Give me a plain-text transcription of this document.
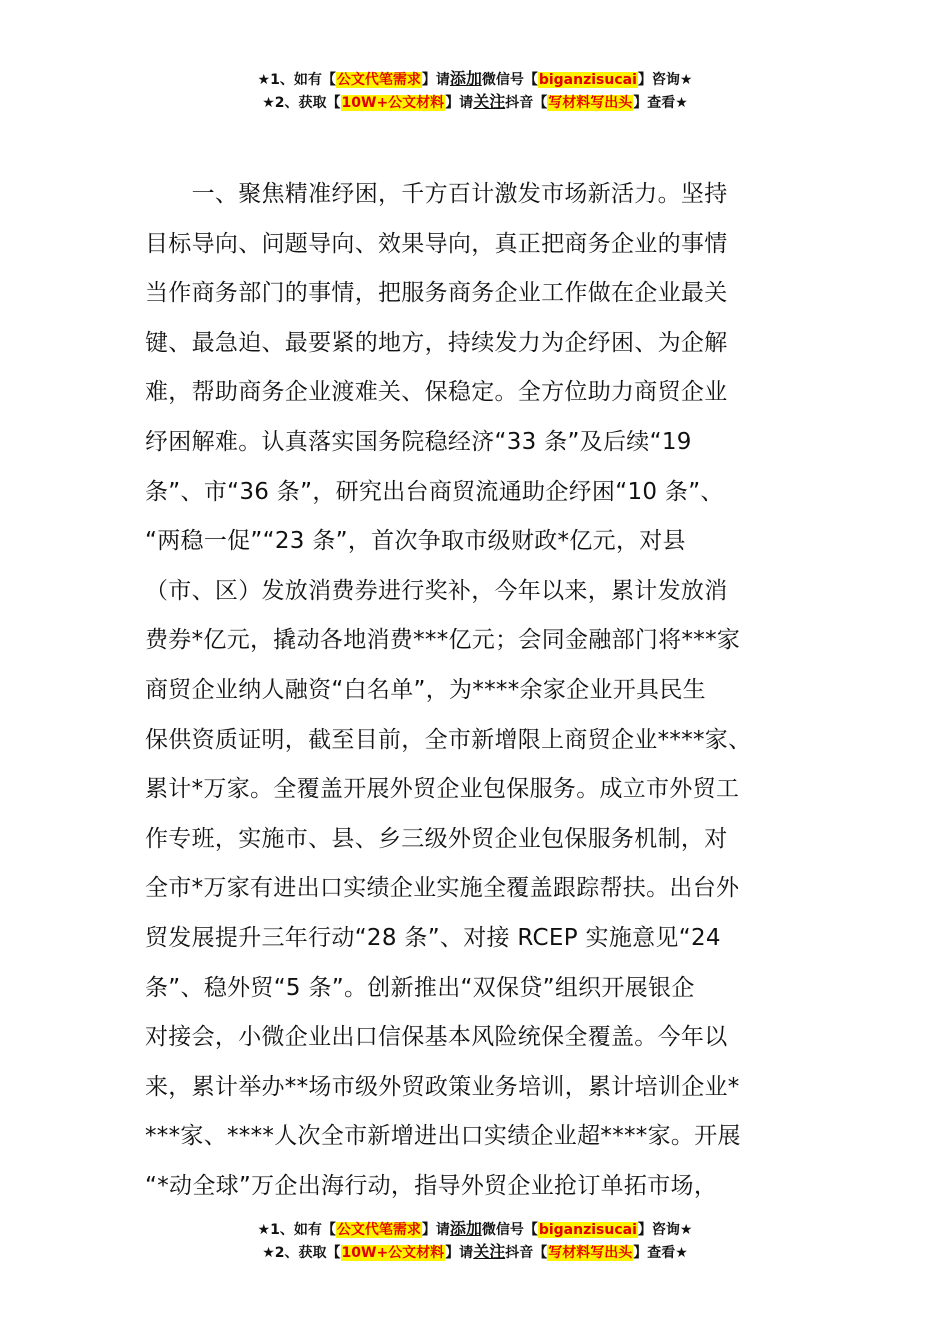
★1、如有【公文代笔需求】请添加微信号【biganzisucai】咨询★
★2、获取【10W+公文材料】请关注抖音【写材料写出头】查看★
　　一、聚焦精准纾困，千方百计激发市场新活力。坚持
目标导向、问题导向、效果导向，真正把商务企业的事情
当作商务部门的事情，把服务商务企业工作做在企业最关
键、最急迫、最要紧的地方，持续发力为企纾困、为企解
难，帮助商务企业渡难关、保稳定。全方位助力商贸企业
纾困解难。认真落实国务院稳经济“33 条”及后续“19
条”、市“36 条”，研究出台商贸流通助企纾困“10 条”、
“两稳一促”“23 条”，首次争取市级财政*亿元，对县
（市、区）发放消费券进行奖补，今年以来，累计发放消
费券*亿元，撬动各地消费***亿元；会同金融部门将***家
商贸企业纳人融资“白名单”，为****余家企业开具民生
保供资质证明，截至目前，全市新增限上商贸企业****家、
累计*万家。全覆盖开展外贸企业包保服务。成立市外贸工
作专班，实施市、县、乡三级外贸企业包保服务机制，对
全市*万家有进出口实绩企业实施全覆盖跟踪帮扶。出台外
贸发展提升三年行动“28 条”、对接 RCEP 实施意见“24
条”、稳外贸“5 条”。创新推出“双保贷”组织开展银企
对接会，小微企业出口信保基本风险统保全覆盖。今年以
来，累计举办**场市级外贸政策业务培训，累计培训企业*
***家、****人次全市新增进出口实绩企业超****家。开展
“*动全球”万企出海行动，指导外贸企业抢订单拓市场，
★1、如有【公文代笔需求】请添加微信号【biganzisucai】咨询★
★2、获取【10W+公文材料】请关注抖音【写材料写出头】查看★
